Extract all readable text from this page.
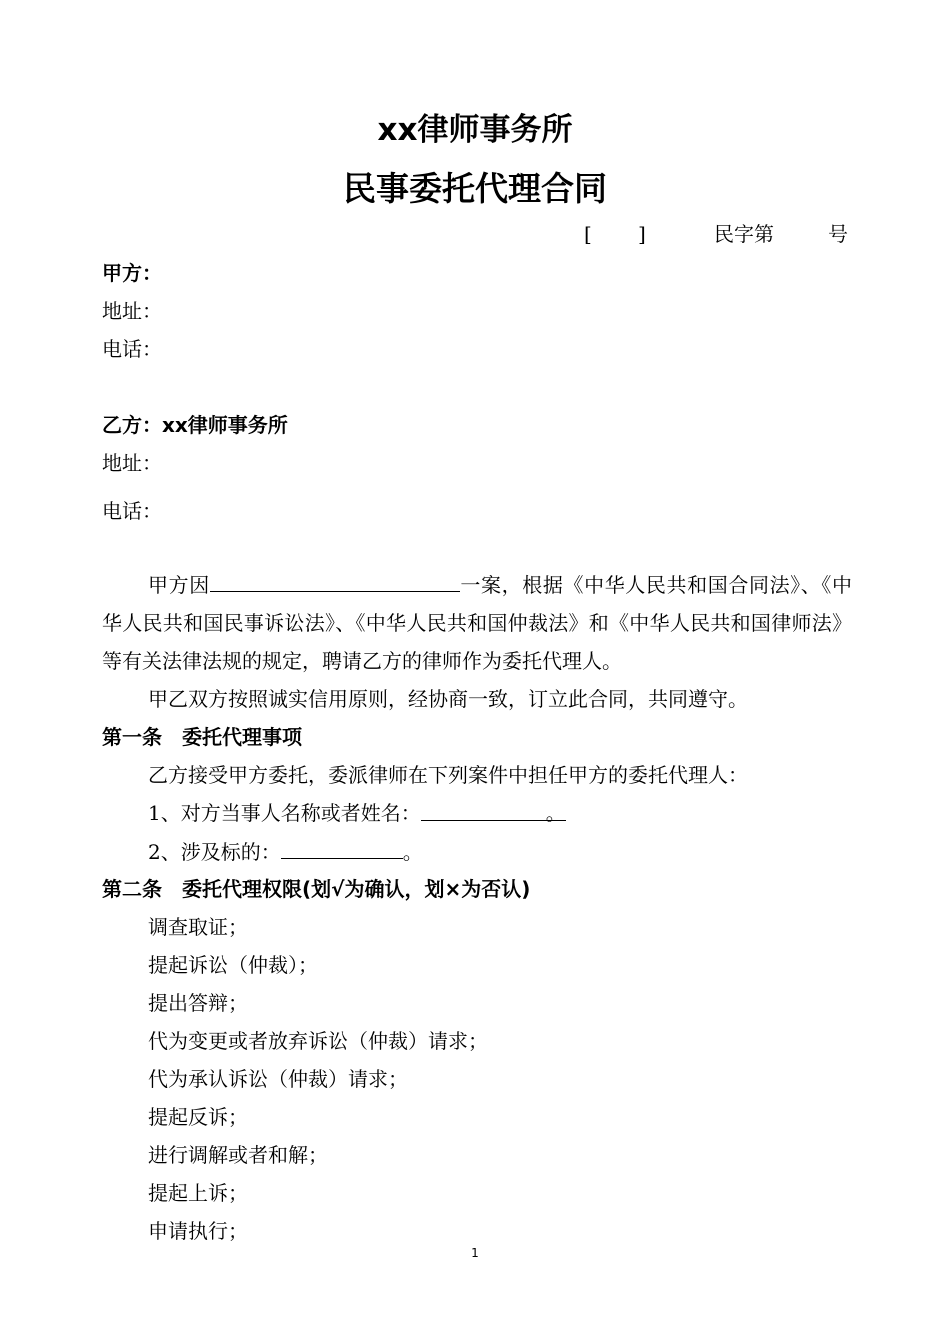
xx律师事务所
民事委托代理合同
[ ]	民字第	号
甲方：
地址：
电话：
乙方：xx律师事务所
地址：
电话：
甲方因	一案，根据《中华人民共和国合同法》、《中华人民共和国民事诉讼法》、《中华人民共和国仲裁法》和《中华人民共和国律师法》等有关法律法规的规定，聘请乙方的律师作为委托代理人。
甲乙双方按照诚实信用原则，经协商一致，订立此合同，共同遵守。
第一条　委托代理事项
乙方接受甲方委托，委派律师在下列案件中担任甲方的委托代理人：
1、对方当事人名称或者姓名：	。
2、涉及标的：	。
第二条　委托代理权限(划√为确认，划×为否认)
调查取证；
提起诉讼（仲裁）；
提出答辩；
代为变更或者放弃诉讼（仲裁）请求；
代为承认诉讼（仲裁）请求；
提起反诉；
进行调解或者和解；
提起上诉；
申请执行；
1
